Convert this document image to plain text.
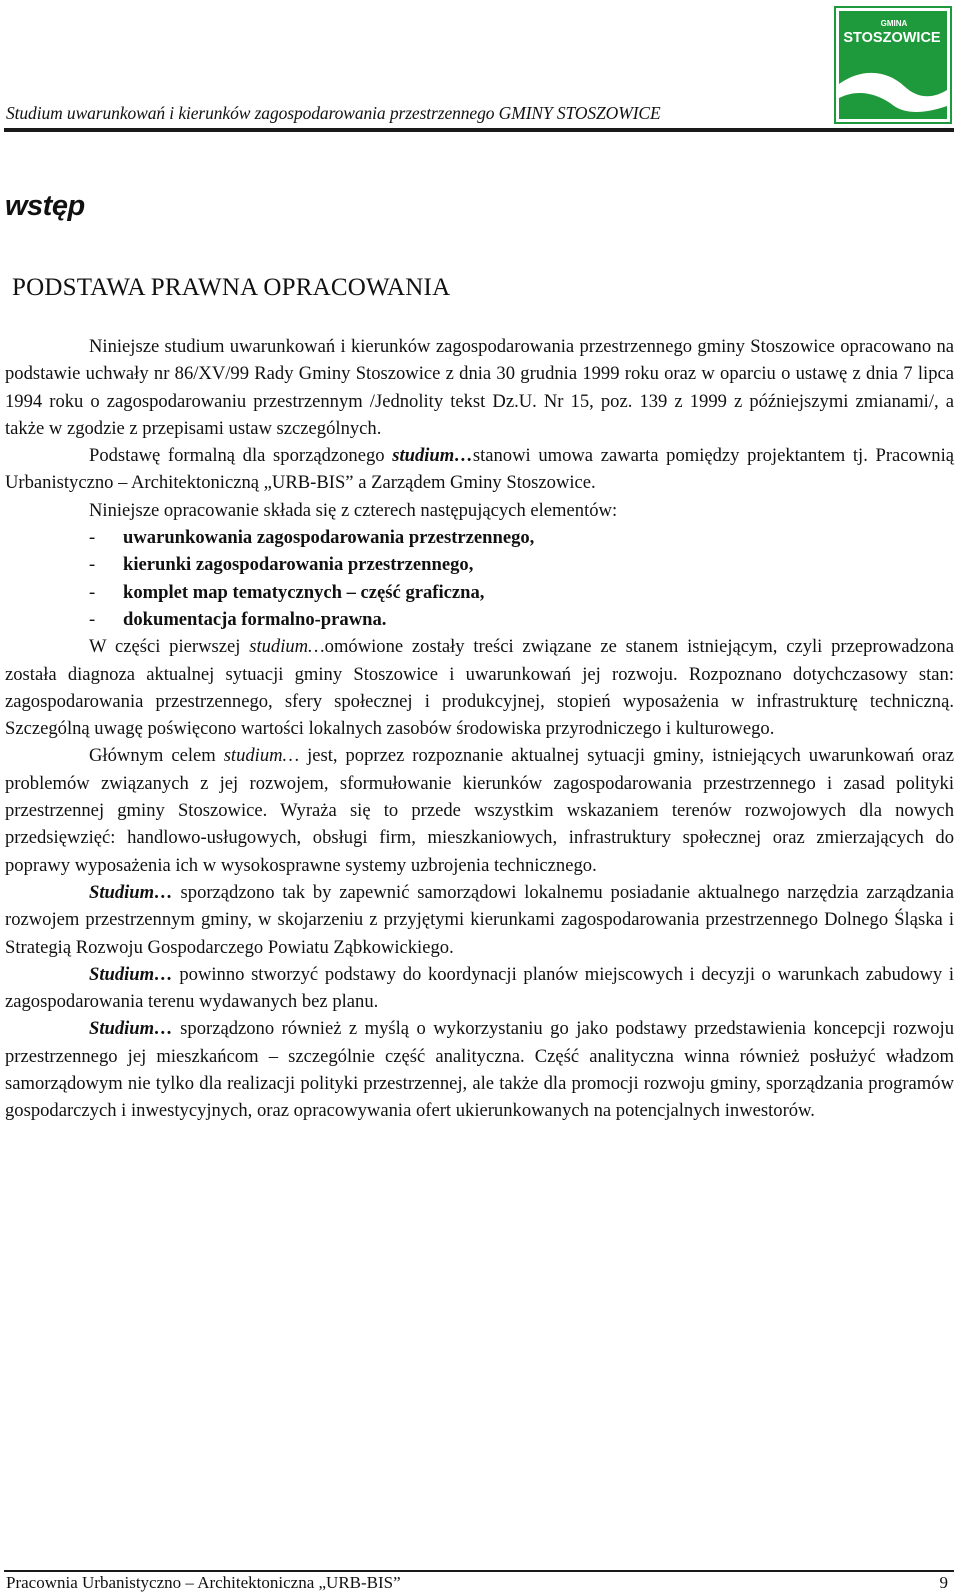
Studium uwarunkowań i kierunków zagospodarowania przestrzennego GMINY STOSZOWICE
GMINA
STOSZOWICE
wstęp
PODSTAWA PRAWNA OPRACOWANIA

Niniejsze studium uwarunkowań i kierunków zagospodarowania przestrzennego gminy Stoszowice opracowano na podstawie uchwały nr 86/XV/99 Rady Gminy Stoszowice z dnia 30 grudnia 1999 roku oraz w oparciu o ustawę z dnia 7 lipca 1994 roku o zagospodarowaniu przestrzennym /Jednolity tekst Dz.U. Nr 15, poz. 139 z 1999 z późniejszymi zmianami/, a także w zgodzie z przepisami ustaw szczególnych.

Podstawę formalną dla sporządzonego studium…stanowi umowa zawarta pomiędzy projektantem tj. Pracownią Urbanistyczno – Architektoniczną „URB-BIS” a Zarządem Gminy Stoszowice.

Niniejsze opracowanie składa się z czterech następujących elementów:

- uwarunkowania zagospodarowania przestrzennego,
- kierunki zagospodarowania przestrzennego,
- komplet map tematycznych – część graficzna,
- dokumentacja formalno-prawna.

W części pierwszej studium…omówione zostały treści związane ze stanem istniejącym, czyli przeprowadzona została diagnoza aktualnej sytuacji gminy Stoszowice i uwarunkowań jej rozwoju. Rozpoznano dotychczasowy stan: zagospodarowania przestrzennego, sfery społecznej i produkcyjnej, stopień wyposażenia w infrastrukturę techniczną. Szczególną uwagę poświęcono wartości lokalnych zasobów środowiska przyrodniczego i kulturowego.

Głównym celem studium… jest, poprzez rozpoznanie aktualnej sytuacji gminy, istniejących uwarunkowań oraz problemów związanych z jej rozwojem, sformułowanie kierunków zagospodarowania przestrzennego i zasad polityki przestrzennej gminy Stoszowice. Wyraża się to przede wszystkim wskazaniem terenów rozwojowych dla nowych przedsięwzięć: handlowo-usługowych, obsługi firm, mieszkaniowych, infrastruktury społecznej oraz zmierzających do poprawy wyposażenia ich w wysokosprawne systemy uzbrojenia technicznego.

Studium… sporządzono tak by zapewnić samorządowi lokalnemu posiadanie aktualnego narzędzia zarządzania rozwojem przestrzennym gminy, w skojarzeniu z przyjętymi kierunkami zagospodarowania przestrzennego Dolnego Śląska i Strategią Rozwoju Gospodarczego Powiatu Ząbkowickiego.

Studium… powinno stworzyć podstawy do koordynacji planów miejscowych i decyzji o warunkach zabudowy i zagospodarowania terenu wydawanych bez planu.

Studium… sporządzono również z myślą o wykorzystaniu go jako podstawy przedstawienia koncepcji rozwoju przestrzennego jej mieszkańcom – szczególnie część analityczna. Część analityczna winna również posłużyć władzom samorządowym nie tylko dla realizacji polityki przestrzennej, ale także dla promocji rozwoju gminy, sporządzania programów gospodarczych i inwestycyjnych, oraz opracowywania ofert ukierunkowanych na potencjalnych inwestorów.

Pracownia Urbanistyczno – Architektoniczna „URB-BIS”	9
